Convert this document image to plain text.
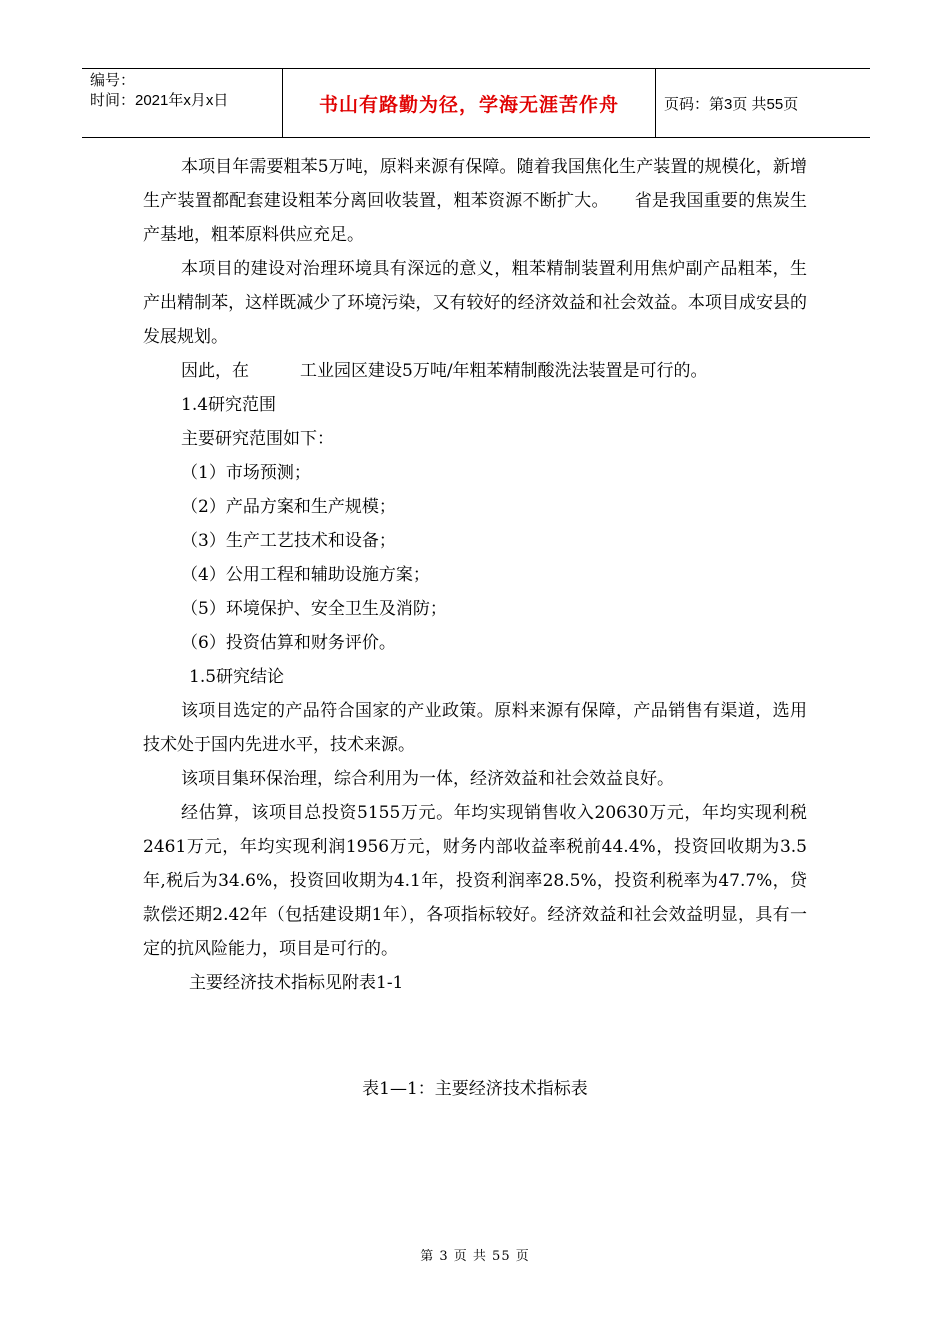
编号：
时间：2021年x月x日	书山有路勤为径，学海无涯苦作舟	页码：第3页 共55页

本项目年需要粗苯5万吨，原料来源有保障。随着我国焦化生产装置的规模化，新增生产装置都配套建设粗苯分离回收装置，粗苯资源不断扩大。　　省是我国重要的焦炭生产基地，粗苯原料供应充足。

本项目的建设对治理环境具有深远的意义，粗苯精制装置利用焦炉副产品粗苯，生产出精制苯，这样既减少了环境污染，又有较好的经济效益和社会效益。本项目成安县的发展规划。

因此，在　　　工业园区建设5万吨/年粗苯精制酸洗法装置是可行的。

1.4研究范围

主要研究范围如下：

（1）市场预测；

（2）产品方案和生产规模；

（3）生产工艺技术和设备；

（4）公用工程和辅助设施方案；

（5）环境保护、安全卫生及消防；

（6）投资估算和财务评价。

1.5研究结论

该项目选定的产品符合国家的产业政策。原料来源有保障，产品销售有渠道，选用技术处于国内先进水平，技术来源。

该项目集环保治理，综合利用为一体，经济效益和社会效益良好。

经估算，该项目总投资5155万元。年均实现销售收入20630万元，年均实现利税2461万元，年均实现利润1956万元，财务内部收益率税前44.4%，投资回收期为3.5年,税后为34.6%，投资回收期为4.1年，投资利润率28.5%，投资利税率为47.7%，贷款偿还期2.42年（包括建设期1年），各项指标较好。经济效益和社会效益明显，具有一定的抗风险能力，项目是可行的。

主要经济技术指标见附表1-1

表1—1：主要经济技术指标表
第 3 页 共 55 页
